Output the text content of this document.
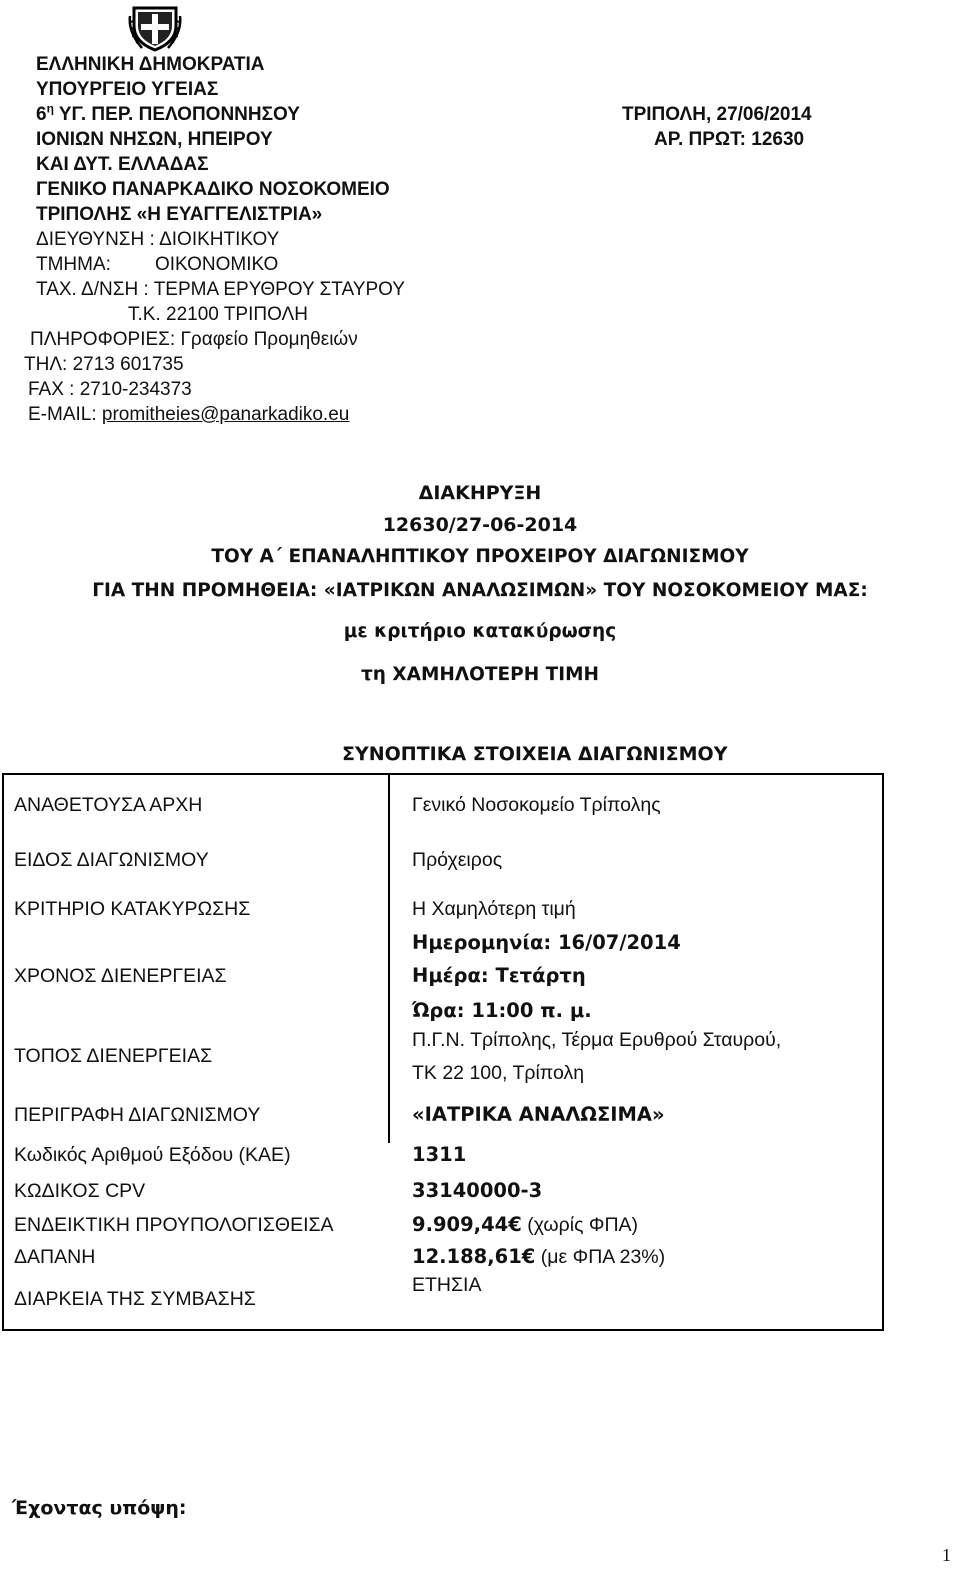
ΕΛΛΗΝΙΚΗ ΔΗΜΟΚΡΑΤΙΑ
ΥΠΟΥΡΓΕΙΟ ΥΓΕΙΑΣ
$6^\eta$ ΥΓ. ΠΕΡ. ΠΕΛΟΠΟΝΝΗΣΟΥ
ΙΟΝΙΩΝ ΝΗΣΩΝ, ΗΠΕΙΡΟΥ
ΚΑΙ ΔΥΤ. ΕΛΛΑΔΑΣ
ΓΕΝΙΚΟ ΠΑΝΑΡΚΑΔΙΚΟ ΝΟΣΟΚΟΜΕΙΟ
ΤΡΙΠΟΛΗΣ «Η ΕΥΑΓΓΕΛΙΣΤΡΙΑ»
ΔΙΕΥΘΥΝΣΗ : ΔΙΟΙΚΗΤΙΚΟΥ
ΤΜΗΜΑ: ΟΙΚΟΝΟΜΙΚΟ
ΤΑΧ. Δ/ΝΣΗ : ΤΕΡΜΑ ΕΡΥΘΡΟΥ ΣΤΑΥΡΟΥ
Τ.Κ. 22100 ΤΡΙΠΟΛΗ
ΠΛΗΡΟΦΟΡΙΕΣ: Γραφείο Προμηθειών
ΤΗΛ: 2713 601735
FAX : 2710-234373
E-MAIL: promitheies@panarkadiko.eu
ΤΡΙΠΟΛΗ, 27/06/2014
ΑΡ. ΠΡΩΤ: 12630
ΔΙΑΚΗΡΥΞΗ
12630/27-06-2014
ΤΟΥ Α΄ ΕΠΑΝΑΛΗΠΤΙΚΟΥ ΠΡΟΧΕΙΡΟΥ ΔΙΑΓΩΝΙΣΜΟΥ
ΓΙΑ ΤΗΝ ΠΡΟΜΗΘΕΙΑ: «ΙΑΤΡΙΚΩΝ ΑΝΑΛΩΣΙΜΩΝ» ΤΟΥ ΝΟΣΟΚΟΜΕΙΟΥ ΜΑΣ:
με κριτήριο κατακύρωσης
τη ΧΑΜΗΛΟΤΕΡΗ ΤΙΜΗ
ΣΥΝΟΠΤΙΚΑ ΣΤΟΙΧΕΙΑ ΔΙΑΓΩΝΙΣΜΟΥ
ΑΝΑΘΕΤΟΥΣΑ ΑΡΧΗ
ΕΙΔΟΣ ΔΙΑΓΩΝΙΣΜΟΥ
ΚΡΙΤΗΡΙΟ ΚΑΤΑΚΥΡΩΣΗΣ
ΧΡΟΝΟΣ ΔΙΕΝΕΡΓΕΙΑΣ
ΤΟΠΟΣ ΔΙΕΝΕΡΓΕΙΑΣ
ΠΕΡΙΓΡΑΦΗ ΔΙΑΓΩΝΙΣΜΟΥ
Κωδικός Αριθμού Εξόδου (ΚΑΕ)
ΚΩΔΙΚΟΣ CPV
ΕΝΔΕΙΚΤΙΚΗ ΠΡΟΥΠΟΛΟΓΙΣΘΕΙΣΑ
ΔΑΠΑΝΗ
ΔΙΑΡΚΕΙΑ ΤΗΣ ΣΥΜΒΑΣΗΣ
Γενικό Νοσοκομείο Τρίπολης
Πρόχειρος
Η Χαμηλότερη τιμή
Ημερομηνία: 16/07/2014
Ημέρα: Τετάρτη
Ώρα: 11:00 π. μ.
Π.Γ.Ν. Τρίπολης, Τέρμα Ερυθρού Σταυρού,
ΤΚ 22 100, Τρίπολη
«ΙΑΤΡΙΚΑ ΑΝΑΛΩΣΙΜΑ»
1311
33140000-3
9.909,44€ (χωρίς ΦΠΑ)
12.188,61€ (με ΦΠΑ 23%)
ΕΤΗΣΙΑ
Έχοντας υπόψη:
1
